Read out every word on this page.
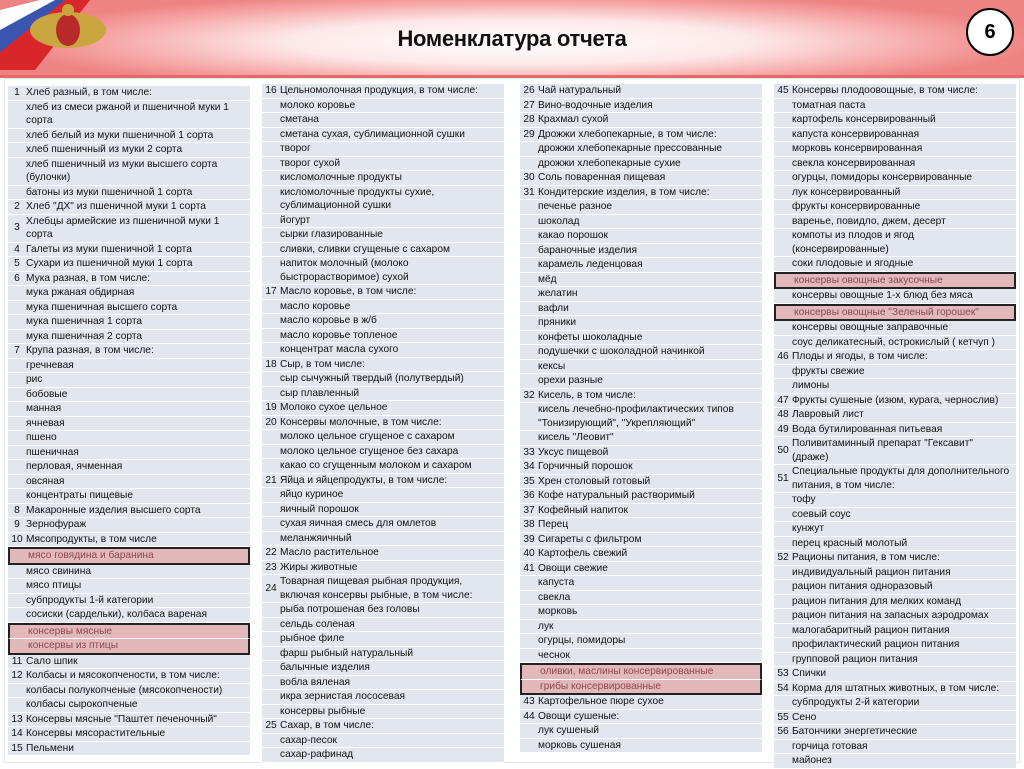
Номенклатура отчета	6
1 Хлеб разный, в том числе:
хлеб из смеси ржаной и пшеничной муки 1 сорта
хлеб белый из муки пшеничной 1 сорта
хлеб пшеничный из муки 2 сорта
хлеб пшеничный из муки высшего сорта (булочки)
батоны из муки пшеничной 1 сорта
2 Хлеб "ДХ" из пшеничной муки 1 сорта
3
Хлебцы армейские из пшеничной муки 1 сорта
4 Галеты из муки пшеничной 1 сорта
5 Сухари из пшеничной муки 1 сорта
6 Мука разная, в том числе:
мука ржаная обдирная
мука пшеничная высшего сорта
мука пшеничная 1 сорта
мука пшеничная 2 сорта
7 Крупа разная, в том числе:
гречневая
рис
бобовые
манная
ячневая
пшено
пшеничная
перловая, ячменная
овсяная
концентраты пищевые
8 Макаронные изделия высшего сорта
9 Зернофураж
10 Мясопродукты, в том числе
мясо говядина и баранина
мясо свинина
мясо птицы
субпродукты 1-й категории
сосиски (сардельки), колбаса вареная
консервы мясные
консервы из птицы
11 Сало шпик
12 Колбасы и мясокопчености, в том числе:
колбасы полукопченые (мясокопчености)
колбасы сырокопченые
13 Консервы мясные "Паштет печеночный"
14 Консервы мясорастительные
15 Пельмени
16 Цельномолочная продукция, в том числе:
молоко коровье
сметана
сметана сухая, сублимационной сушки
творог
творог сухой
кисломолочные продукты
кисломолочные продукты сухие, сублимационной сушки
йогурт
сырки глазированные
сливки, сливки сгущеные с сахаром
напиток молочный (молоко быстрорастворимое) сухой
17 Масло коровье, в том числе:
масло коровье
масло коровье в ж/б
масло коровье топленое
концентрат масла сухого
18 Сыр, в том числе:
сыр сычужный твердый (полутвердый)
сыр плавленный
19 Молоко сухое цельное
20 Консервы молочные, в том числе:
молоко цельное сгущеное с сахаром
молоко цельное сгущеное без сахара
какао со сгущенным молоком и сахаром
21 Яйца и яйцепродукты, в том числе:
яйцо куриное
яичный порошок
сухая яичная смесь для омлетов
меланжяичный
22 Масло растительное
23 Жиры животные
24
Товарная пищевая рыбная продукция, включая консервы рыбные, в том числе:
рыба потрошеная без головы
сельдь соленая
рыбное филе
фарш рыбный натуральный
балычные изделия
вобла вяленая
икра зернистая лососевая
консервы рыбные
25 Сахар, в том числе:
сахар-песок
сахар-рафинад
26 Чай натуральный
27 Вино-водочные изделия
28 Крахмал сухой
29 Дрожжи хлебопекарные, в том числе:
дрожжи хлебопекарные прессованные
дрожжи хлебопекарные сухие
30 Соль поваренная пищевая
31 Кондитерские изделия, в том числе:
печенье разное
шоколад
какао порошок
бараночные изделия
карамель леденцовая
мёд
желатин
вафли
пряники
конфеты шоколадные
подушечки с шоколадной начинкой
кексы
орехи разные
32 Кисель, в том числе:
кисель лечебно-профилактических типов "Тонизирующий", "Укрепляющий"
кисель "Леовит"
33 Уксус пищевой
34 Горчичный порошок
35 Хрен столовый готовый
36 Кофе натуральный растворимый
37 Кофейный напиток
38 Перец
39 Сигареты с фильтром
40 Картофель свежий
41 Овощи свежие
капуста
свекла
морковь
лук
огурцы, помидоры
чеснок
оливки, маслины консервированные
грибы консервированные
43 Картофельное пюре сухое
44 Овощи сушеные:
лук сушеный
морковь сушеная
45 Консервы плодоовощные, в том числе:
томатная паста
картофель консервированный
капуста консервированная
морковь консервированная
свекла консервированная
огурцы, помидоры консервированные
лук консервированный
фрукты консервированные
варенье, повидло, джем, десерт
компоты из плодов и ягод (консервированные)
соки плодовые и ягодные
консервы овощные закусочные
консервы овощные 1-х блюд без мяса
консервы овощные "Зеленый горошек"
консервы овощные заправочные
соус деликатесный, острокислый ( кетчуп )
46 Плоды и ягоды, в том числе:
фрукты свежие
лимоны
47 Фрукты сушеные (изюм, курага, чернослив)
48 Лавровый лист
49 Вода бутилированная питьевая
50
Поливитаминный препарат "Гексавит" (драже)
51
Специальные продукты для дополнительного питания, в том числе:
тофу
соевый соус
кунжут
перец красный молотый
52 Рационы питания, в том числе:
индивидуальный рацион питания
рацион питания одноразовый
рацион питания для мелких команд
рацион питания на запасных аэродромах
малогабаритный рацион питания
профилактический рацион питания
групповой рацион питания
53 Спички
54 Корма для штатных животных, в том числе:
субпродукты 2-й категории
55 Сено
56 Батончики энергетические
горчица готовая
майонез
